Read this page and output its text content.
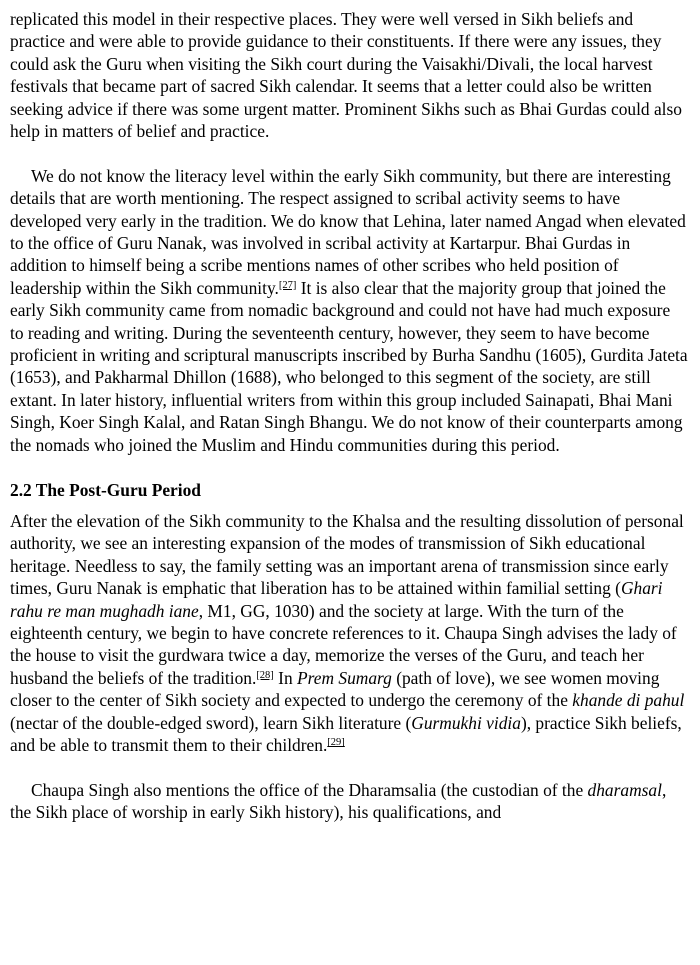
replicated this model in their respective places. They were well versed in Sikh beliefs and practice and were able to provide guidance to their constituents. If there were any issues, they could ask the Guru when visiting the Sikh court during the Vaisakhi/Divali, the local harvest festivals that became part of sacred Sikh calendar. It seems that a letter could also be written seeking advice if there was some urgent matter. Prominent Sikhs such as Bhai Gurdas could also help in matters of belief and practice.

We do not know the literacy level within the early Sikh community, but there are interesting details that are worth mentioning. The respect assigned to scribal activity seems to have developed very early in the tradition. We do know that Lehina, later named Angad when elevated to the office of Guru Nanak, was involved in scribal activity at Kartarpur. Bhai Gurdas in addition to himself being a scribe mentions names of other scribes who held position of leadership within the Sikh community.[27] It is also clear that the majority group that joined the early Sikh community came from nomadic background and could not have had much exposure to reading and writing. During the seventeenth century, however, they seem to have become proficient in writing and scriptural manuscripts inscribed by Burha Sandhu (1605), Gurdita Jateta (1653), and Pakharmal Dhillon (1688), who belonged to this segment of the society, are still extant. In later history, influential writers from within this group included Sainapati, Bhai Mani Singh, Koer Singh Kalal, and Ratan Singh Bhangu. We do not know of their counterparts among the nomads who joined the Muslim and Hindu communities during this period.

2.2 The Post-Guru Period

After the elevation of the Sikh community to the Khalsa and the resulting dissolution of personal authority, we see an interesting expansion of the modes of transmission of Sikh educational heritage. Needless to say, the family setting was an important arena of transmission since early times, Guru Nanak is emphatic that liberation has to be attained within familial setting (Ghari rahu re man mughadh iane, M1, GG, 1030) and the society at large. With the turn of the eighteenth century, we begin to have concrete references to it. Chaupa Singh advises the lady of the house to visit the gurdwara twice a day, memorize the verses of the Guru, and teach her husband the beliefs of the tradition.[28] In Prem Sumarg (path of love), we see women moving closer to the center of Sikh society and expected to undergo the ceremony of the khande di pahul (nectar of the double-edged sword), learn Sikh literature (Gurmukhi vidia), practice Sikh beliefs, and be able to transmit them to their children.[29]

Chaupa Singh also mentions the office of the Dharamsalia (the custodian of the dharamsal, the Sikh place of worship in early Sikh history), his qualifications, and
